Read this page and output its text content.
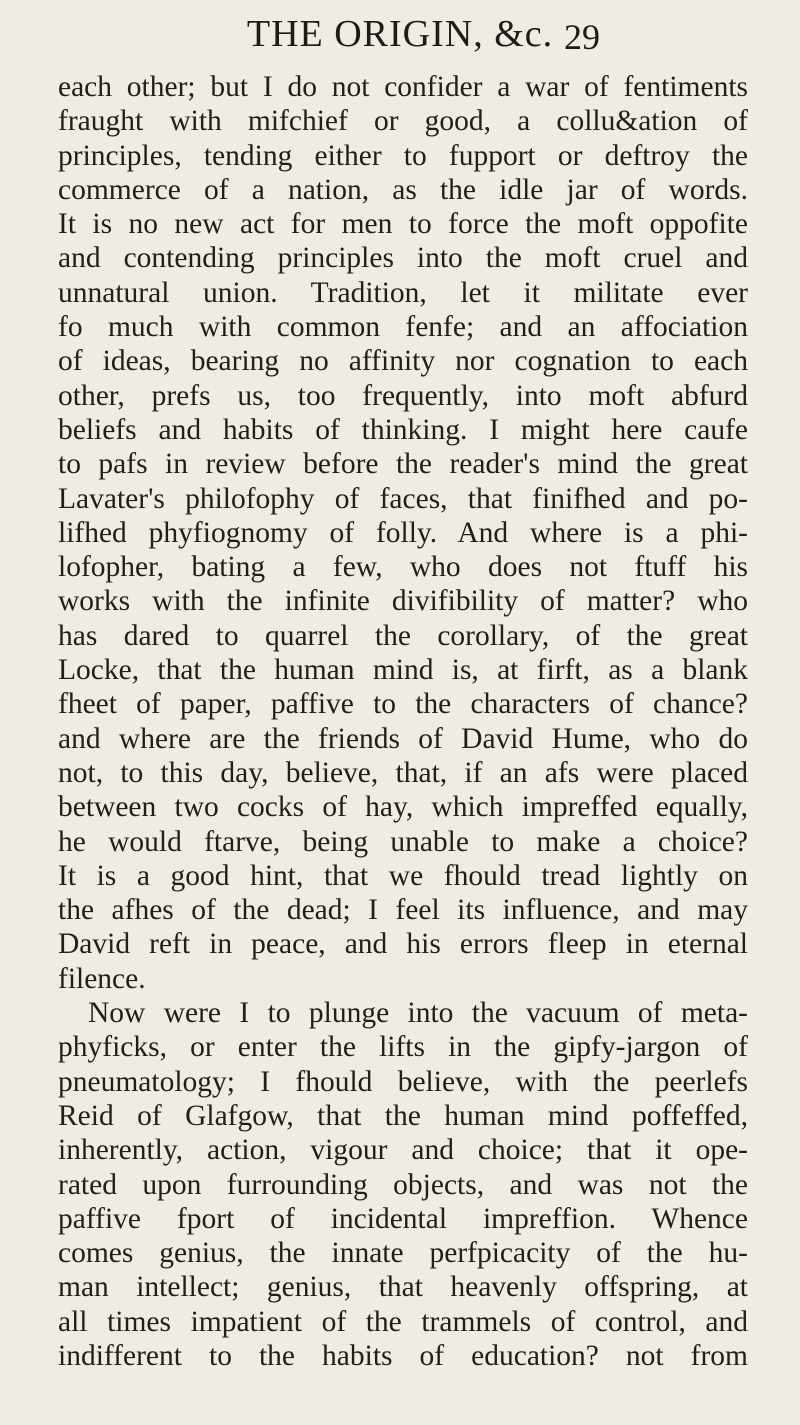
THE ORIGIN, &c. 29
each other; but I do not confider a war of fentiments
fraught with mifchief or good, a collu&ation of
principles, tending either to fupport or deftroy the
commerce of a nation, as the idle jar of words.
It is no new act for men to force the moft oppofite
and contending principles into the moft cruel and
unnatural union. Tradition, let it militate ever
fo much with common fenfe; and an affociation
of ideas, bearing no affinity nor cognation to each
other, prefs us, too frequently, into moft abfurd
beliefs and habits of thinking. I might here caufe
to pafs in review before the reader's mind the great
Lavater's philofophy of faces, that finifhed and po-
lifhed phyfiognomy of folly. And where is a phi-
lofopher, bating a few, who does not ftuff his
works with the infinite divifibility of matter? who
has dared to quarrel the corollary, of the great
Locke, that the human mind is, at firft, as a blank
fheet of paper, paffive to the characters of chance?
and where are the friends of David Hume, who do
not, to this day, believe, that, if an afs were placed
between two cocks of hay, which impreffed equally,
he would ftarve, being unable to make a choice?
It is a good hint, that we fhould tread lightly on
the afhes of the dead; I feel its influence, and may
David reft in peace, and his errors fleep in eternal
filence.
Now were I to plunge into the vacuum of meta-
phyficks, or enter the lifts in the gipfy-jargon of
pneumatology; I fhould believe, with the peerlefs
Reid of Glafgow, that the human mind poffeffed,
inherently, action, vigour and choice; that it ope-
rated upon furrounding objects, and was not the
paffive fport of incidental impreffion. Whence
comes genius, the innate perfpicacity of the hu-
man intellect; genius, that heavenly offspring, at
all times impatient of the trammels of control, and
indifferent to the habits of education? not from
